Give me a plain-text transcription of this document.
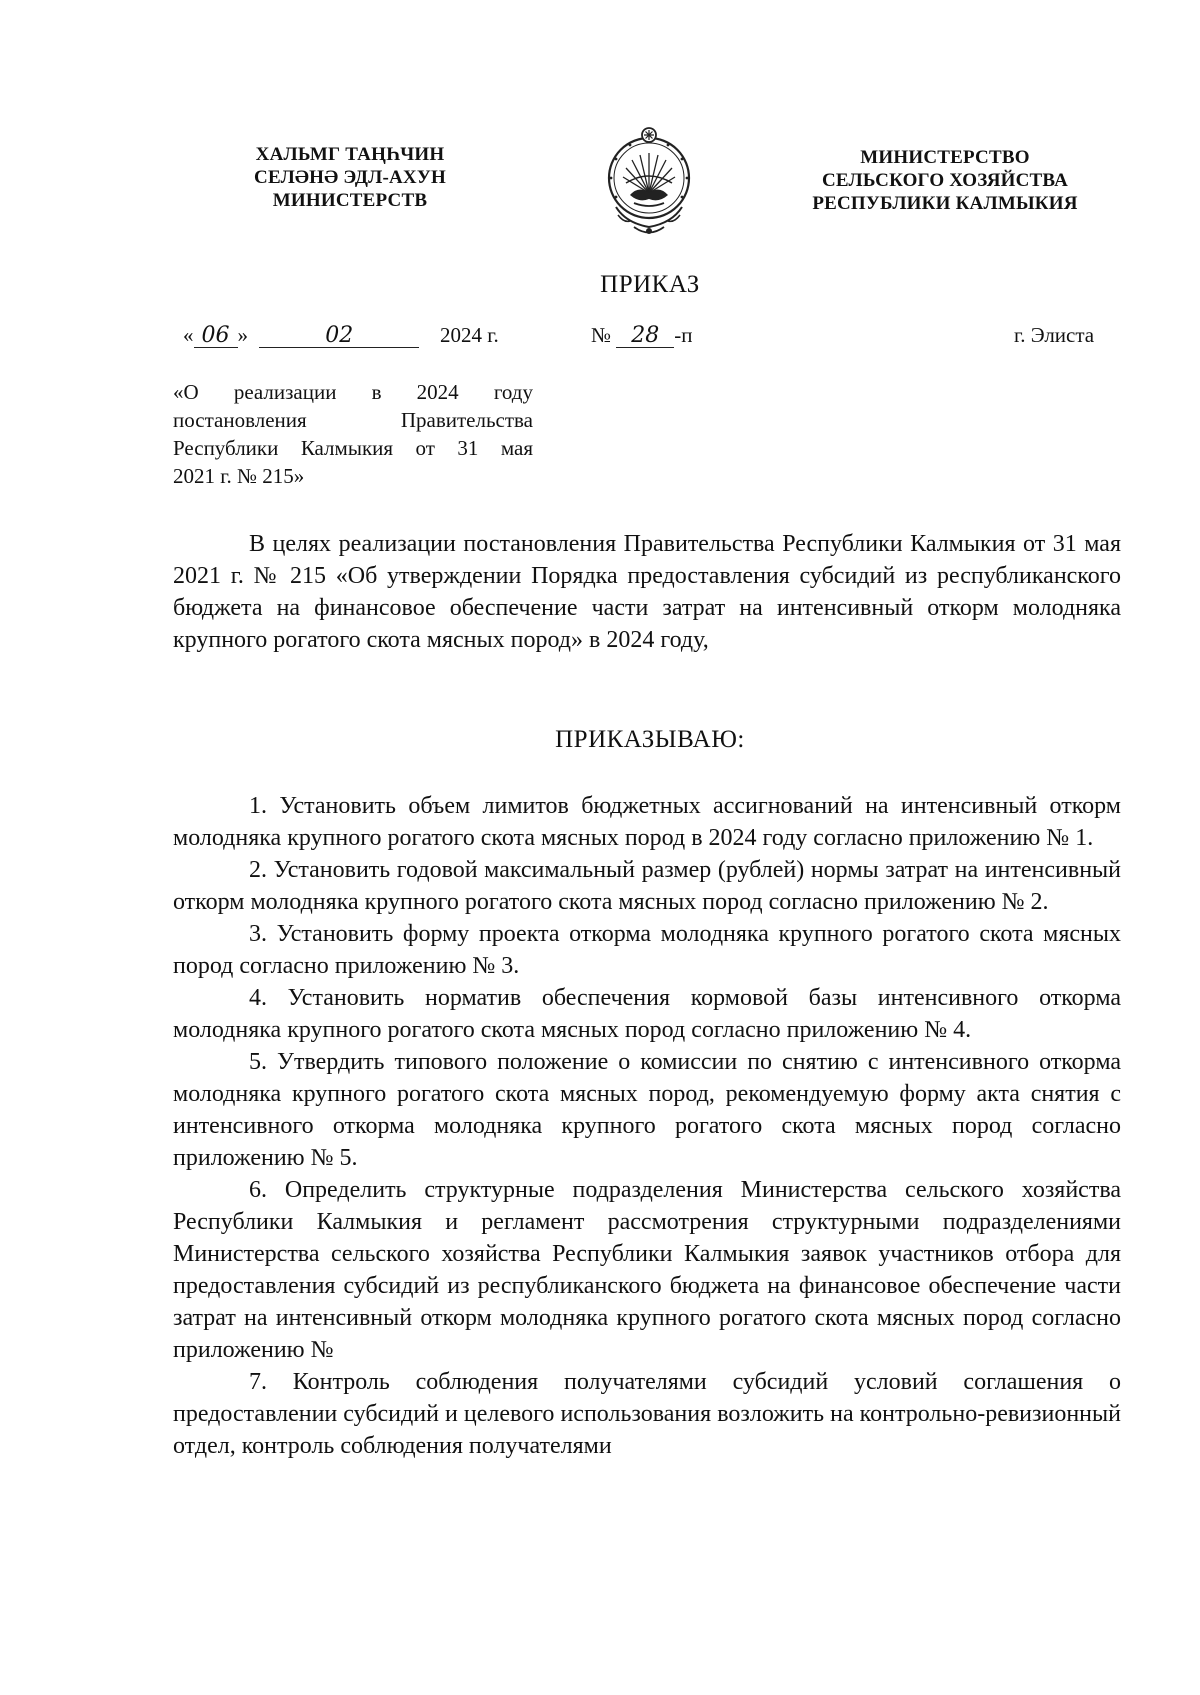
ХАЛЬМГ ТАҢҺЧИН
СЕЛӘНӘ ЭДЛ-АХУН
МИНИСТЕРСТВ
МИНИСТЕРСТВО
СЕЛЬСКОГО ХОЗЯЙСТВА
РЕСПУБЛИКИ КАЛМЫКИЯ
ПРИКАЗ
« 06 »	02	2024 г.	№ 28 -п	г. Элиста
«О реализации в 2024 году
постановления Правительства
Республики Калмыкия от 31 мая
2021 г. № 215»

В целях реализации постановления Правительства Республики Калмыкия от 31 мая 2021 г. № 215 «Об утверждении Порядка предоставления субсидий из республиканского бюджета на финансовое обеспечение части затрат на интенсивный откорм молодняка крупного рогатого скота мясных пород» в 2024 году,

ПРИКАЗЫВАЮ:

1. Установить объем лимитов бюджетных ассигнований на интенсивный откорм молодняка крупного рогатого скота мясных пород в 2024 году согласно приложению № 1.

2. Установить годовой максимальный размер (рублей) нормы затрат на интенсивный откорм молодняка крупного рогатого скота мясных пород согласно приложению № 2.

3. Установить форму проекта откорма молодняка крупного рогатого скота мясных пород согласно приложению № 3.

4. Установить норматив обеспечения кормовой базы интенсивного откорма молодняка крупного рогатого скота мясных пород согласно приложению № 4.

5. Утвердить типового положение о комиссии по снятию с интенсивного откорма молодняка крупного рогатого скота мясных пород, рекомендуемую форму акта снятия с интенсивного откорма молодняка крупного рогатого скота мясных пород согласно приложению № 5.

6. Определить структурные подразделения Министерства сельского хозяйства Республики Калмыкия и регламент рассмотрения структурными подразделениями Министерства сельского хозяйства Республики Калмыкия заявок участников отбора для предоставления субсидий из республиканского бюджета на финансовое обеспечение части затрат на интенсивный откорм молодняка крупного рогатого скота мясных пород согласно приложению №

7. Контроль соблюдения получателями субсидий условий соглашения о предоставлении субсидий и целевого использования возложить на контрольно-ревизионный отдел, контроль соблюдения получателями
